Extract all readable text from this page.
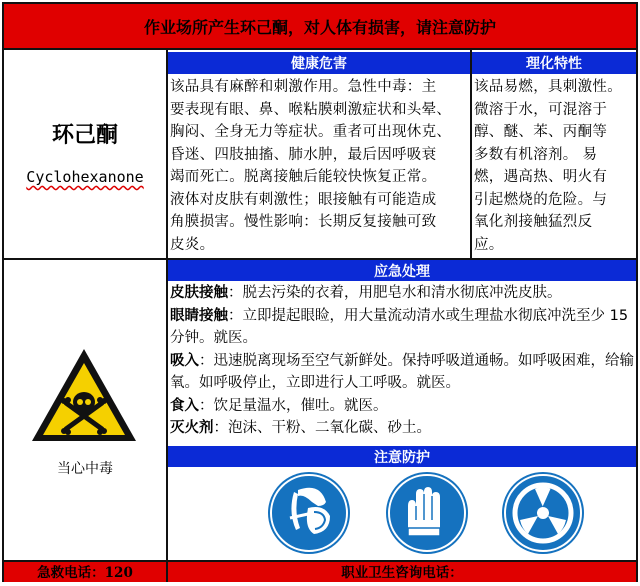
作业场所产生环己酮，对人体有损害，请注意防护
健康危害	理化特性
环己酮
Cyclohexanone
该品具有麻醉和刺激作用。急性中毒：主
要表现有眼、鼻、喉粘膜刺激症状和头晕、
胸闷、全身无力等症状。重者可出现休克、
昏迷、四肢抽搐、肺水肿，最后因呼吸衰
竭而死亡。脱离接触后能较快恢复正常。
液体对皮肤有刺激性；眼接触有可能造成
角膜损害。慢性影响：长期反复接触可致
皮炎。
该品易燃，具刺激性。
微溶于水，可混溶于
醇、醚、苯、丙酮等
多数有机溶剂。 易
燃，遇高热、明火有
引起燃烧的危险。与
氧化剂接触猛烈反
应。
应急处理

皮肤接触：脱去污染的衣着，用肥皂水和清水彻底冲洗皮肤。

眼睛接触：立即提起眼睑，用大量流动清水或生理盐水彻底冲洗至少 15 分钟。就医。

吸入：迅速脱离现场至空气新鲜处。保持呼吸道通畅。如呼吸困难，给输氧。如呼吸停止，立即进行人工呼吸。就医。

食入：饮足量温水，催吐。就医。

灭火剂：泡沫、干粉、二氧化碳、砂土。

注意防护
当心中毒
急救电话：120	职业卫生咨询电话：
